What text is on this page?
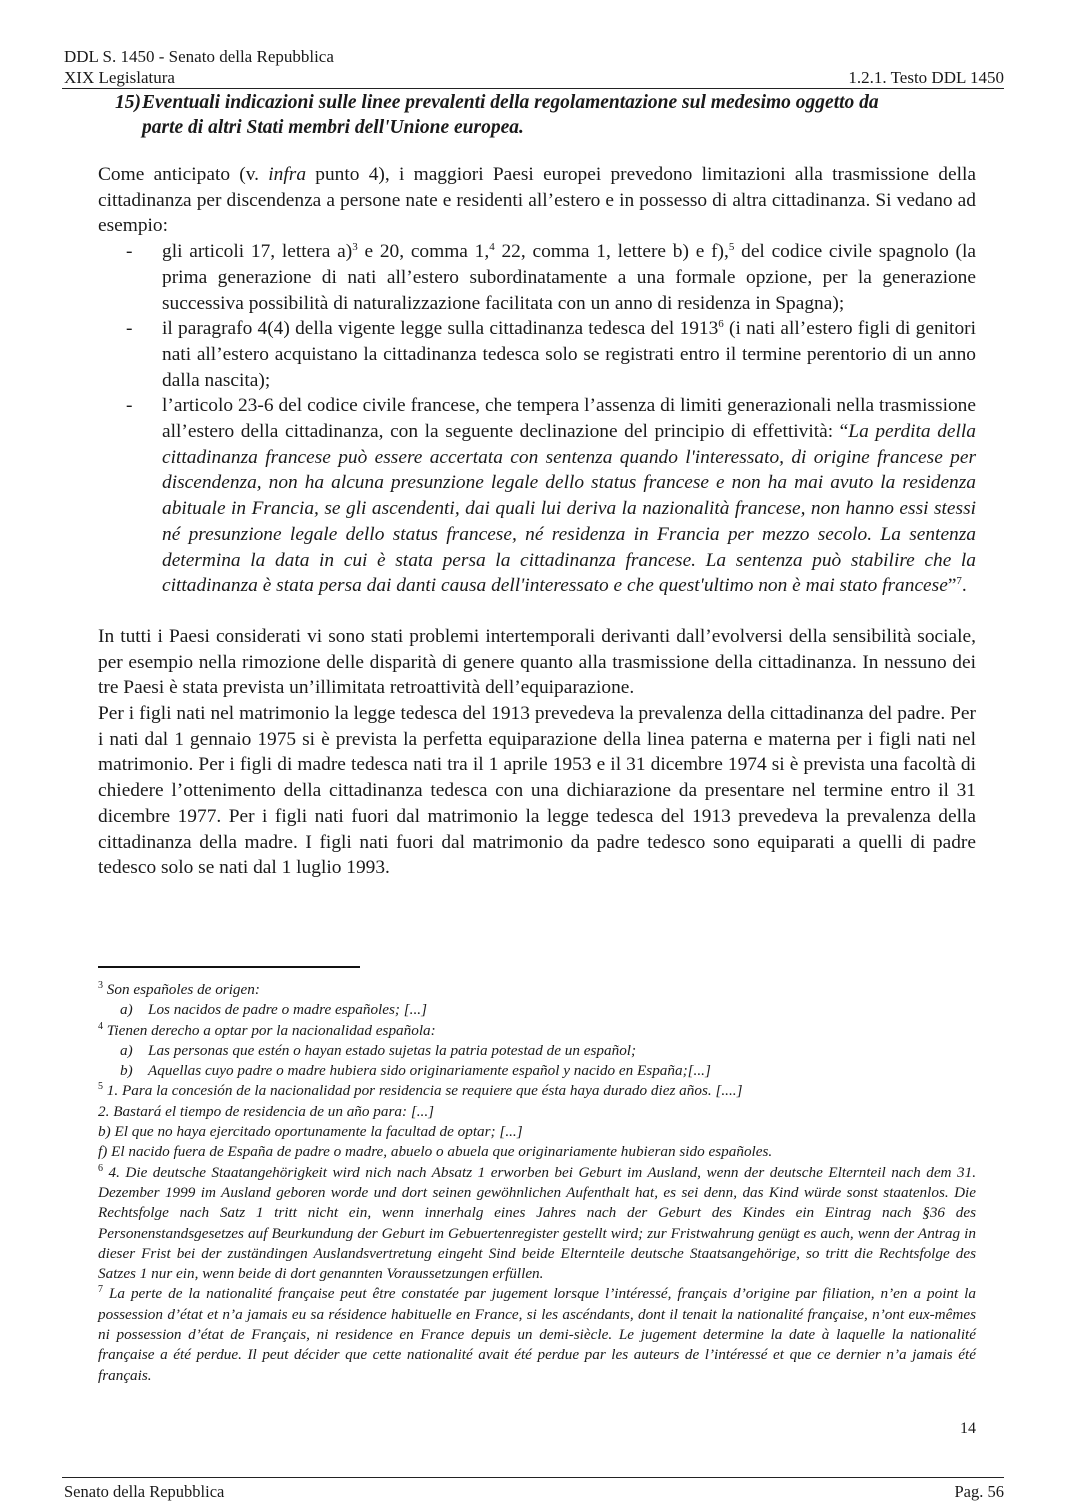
DDL S. 1450 - Senato della Repubblica
XIX Legislatura	1.2.1. Testo DDL 1450
15)Eventuali indicazioni sulle linee prevalenti della regolamentazione sul medesimo oggetto da
parte di altri Stati membri dell'Unione europea.

Come anticipato (v. infra punto 4), i maggiori Paesi europei prevedono limitazioni alla trasmissione della cittadinanza per discendenza a persone nate e residenti all’estero e in possesso di altra cittadinanza. Si vedano ad esempio:

- gli articoli 17, lettera a)$^3$ e 20, comma 1,$^4$ 22, comma 1, lettere b) e f),$^5$ del codice civile spagnolo (la prima generazione di nati all’estero subordinatamente a una formale opzione, per la generazione successiva possibilità di naturalizzazione facilitata con un anno di residenza in Spagna);
- il paragrafo 4(4) della vigente legge sulla cittadinanza tedesca del 1913$^6$ (i nati all’estero figli di genitori nati all’estero acquistano la cittadinanza tedesca solo se registrati entro il termine perentorio di un anno dalla nascita);
- l’articolo 23-6 del codice civile francese, che tempera l’assenza di limiti generazionali nella trasmissione all’estero della cittadinanza, con la seguente declinazione del principio di effettività: “La perdita della cittadinanza francese può essere accertata con sentenza quando l'interessato, di origine francese per discendenza, non ha alcuna presunzione legale dello status francese e non ha mai avuto la residenza abituale in Francia, se gli ascendenti, dai quali lui deriva la nazionalità francese, non hanno essi stessi né presunzione legale dello status francese, né residenza in Francia per mezzo secolo. La sentenza determina la data in cui è stata persa la cittadinanza francese. La sentenza può stabilire che la cittadinanza è stata persa dai danti causa dell'interessato e che quest'ultimo non è mai stato francese”$^7$.

In tutti i Paesi considerati vi sono stati problemi intertemporali derivanti dall’evolversi della sensibilità sociale, per esempio nella rimozione delle disparità di genere quanto alla trasmissione della cittadinanza. In nessuno dei tre Paesi è stata prevista un’illimitata retroattività dell’equiparazione.

Per i figli nati nel matrimonio la legge tedesca del 1913 prevedeva la prevalenza della cittadinanza del padre. Per i nati dal 1 gennaio 1975 si è prevista la perfetta equiparazione della linea paterna e materna per i figli nati nel matrimonio. Per i figli di madre tedesca nati tra il 1 aprile 1953 e il 31 dicembre 1974 si è prevista una facoltà di chiedere l’ottenimento della cittadinanza tedesca con una dichiarazione da presentare nel termine entro il 31 dicembre 1977. Per i figli nati fuori dal matrimonio la legge tedesca del 1913 prevedeva la prevalenza della cittadinanza della madre. I figli nati fuori dal matrimonio da padre tedesco sono equiparati a quelli di padre tedesco solo se nati dal 1 luglio 1993.

$^3$ Son españoles de origen:

a)	Los nacidos de padre o madre españoles; [...]

$^4$ Tienen derecho a optar por la nacionalidad española:

a)	Las personas que estén o hayan estado sujetas la patria potestad de un español;

b)	Aquellas cuyo padre o madre hubiera sido originariamente español y nacido en España;[...]

$^5$ 1. Para la concesión de la nacionalidad por residencia se requiere que ésta haya durado diez años. [....]

2. Bastará el tiempo de residencia de un año para: [...]

b) El que no haya ejercitado oportunamente la facultad de optar; [...]

f) El nacido fuera de España de padre o madre, abuelo o abuela que originariamente hubieran sido españoles.

$^6$ 4. Die deutsche Staatangehörigkeit wird nich nach Absatz 1 erworben bei Geburt im Ausland, wenn der deutsche Elternteil nach dem 31. Dezember 1999 im Ausland geboren worde und dort seinen gewöhnlichen Aufenthalt hat, es sei denn, das Kind würde sonst staatenlos. Die Rechtsfolge nach Satz 1 tritt nicht ein, wenn innerhalg eines Jahres nach der Geburt des Kindes ein Eintrag nach §36 des Personenstandsgesetzes auf Beurkundung der Geburt im Gebuertenregister gestellt wird; zur Fristwahrung genügt es auch, wenn der Antrag in dieser Frist bei der zuständingen Auslandsvertretung eingeht Sind beide Elternteile deutsche Staatsangehörige, so tritt die Rechtsfolge des Satzes 1 nur ein, wenn beide di dort genannten Voraussetzungen erfüllen.

$^7$ La perte de la nationalité française peut être constatée par jugement lorsque l’intéressé, français d’origine par filiation, n’en a point la possession d’état et n’a jamais eu sa résidence habituelle en France, si les ascéndants, dont il tenait la nationalité française, n’ont eux-mêmes ni possession d’état de Français, ni residence en France depuis un demi-siècle. Le jugement determine la date à laquelle la nationalité française a été perdue. Il peut décider que cette nationalité avait été perdue par les auteurs de l’intéressé et que ce dernier n’a jamais été français.

14
Senato della Repubblica	Pag. 56
